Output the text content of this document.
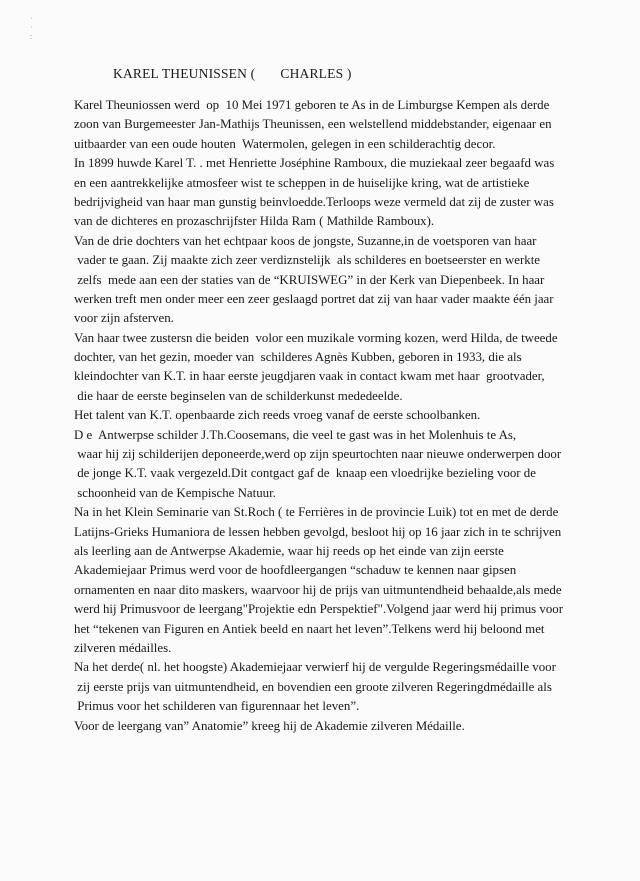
·
·
:
KAREL THEUNISSEN (       CHARLES )
Karel Theuniossen werd  op  10 Mei 1971 geboren te As in de Limburgse Kempen als derde
zoon van Burgemeester Jan-Mathijs Theunissen, een welstellend middebstander, eigenaar en
uitbaarder van een oude houten  Watermolen, gelegen in een schilderachtig decor.
In 1899 huwde Karel T. . met Henriette Joséphine Ramboux, die muziekaal zeer begaafd was
en een aantrekkelijke atmosfeer wist te scheppen in de huiselijke kring, wat de artistieke
bedrijvigheid van haar man gunstig beinvloedde.Terloops weze vermeld dat zij de zuster was
van de dichteres en prozaschrijfster Hilda Ram ( Mathilde Ramboux).
Van de drie dochters van het echtpaar koos de jongste, Suzanne,in de voetsporen van haar
vader te gaan. Zij maakte zich zeer verdiznstelijk  als schilderes en boetseerster en werkte
zelfs  mede aan een der staties van de “KRUISWEG” in der Kerk van Diepenbeek. In haar
werken treft men onder meer een zeer geslaagd portret dat zij van haar vader maakte één jaar
voor zijn afsterven.
Van haar twee zustersn die beiden  volor een muzikale vorming kozen, werd Hilda, de tweede
dochter, van het gezin, moeder van  schilderes Agnès Kubben, geboren in 1933, die als
kleindochter van K.T. in haar eerste jeugdjaren vaak in contact kwam met haar  grootvader,
die haar de eerste beginselen van de schilderkunst mededeelde.
Het talent van K.T. openbaarde zich reeds vroeg vanaf de eerste schoolbanken.
D e  Antwerpse schilder J.Th.Coosemans, die veel te gast was in het Molenhuis te As,
waar hij zij schilderijen deponeerde,werd op zijn speurtochten naar nieuwe onderwerpen door
de jonge K.T. vaak vergezeld.Dit contgact gaf de  knaap een vloedrijke bezieling voor de
schoonheid van de Kempische Natuur.
Na in het Klein Seminarie van St.Roch ( te Ferrières in de provincie Luik) tot en met de derde
Latijns-Grieks Humaniora de lessen hebben gevolgd, besloot hij op 16 jaar zich in te schrijven
als leerling aan de Antwerpse Akademie, waar hij reeds op het einde van zijn eerste
Akademiejaar Primus werd voor de hoofdleergangen “schaduw te kennen naar gipsen
ornamenten en naar dito maskers, waarvoor hij de prijs van uitmuntendheid behaalde,als mede
werd hij Primusvoor de leergang"Projektie edn Perspektief".Volgend jaar werd hij primus voor
het “tekenen van Figuren en Antiek beeld en naart het leven”.Telkens werd hij beloond met
zilveren médailles.
Na het derde( nl. het hoogste) Akademiejaar verwierf hij de vergulde Regeringsmédaille voor
zij eerste prijs van uitmuntendheid, en bovendien een groote zilveren Regeringdmédaille als
Primus voor het schilderen van figurennaar het leven”.
Voor de leergang van” Anatomie” kreeg hij de Akademie zilveren Médaille.
